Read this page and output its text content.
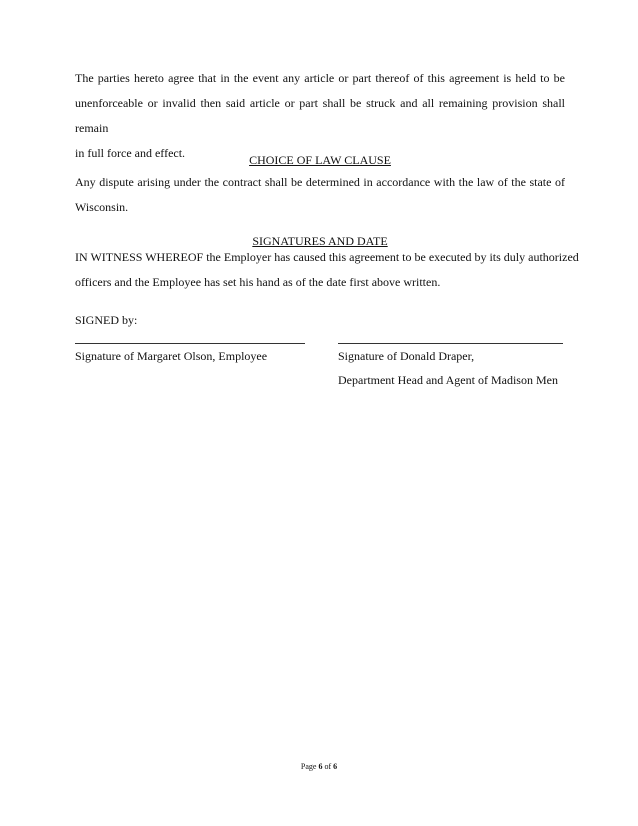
The parties hereto agree that in the event any article or part thereof of this agreement is held to be
unenforceable or invalid then said article or part shall be struck and all remaining provision shall remain
in full force and effect.	CHOICE OF LAW CLAUSE
Any dispute arising under the contract shall be determined in accordance with the law of the state of
Wisconsin.
SIGNATURES AND DATE
IN WITNESS WHEREOF the Employer has caused this agreement to be executed by its duly authorized
officers and the Employee has set his hand as of the date first above written.
SIGNED by:
Signature of Margaret Olson, Employee	Signature of Donald Draper,
Department Head and Agent of Madison Men
Page 6 of 6
